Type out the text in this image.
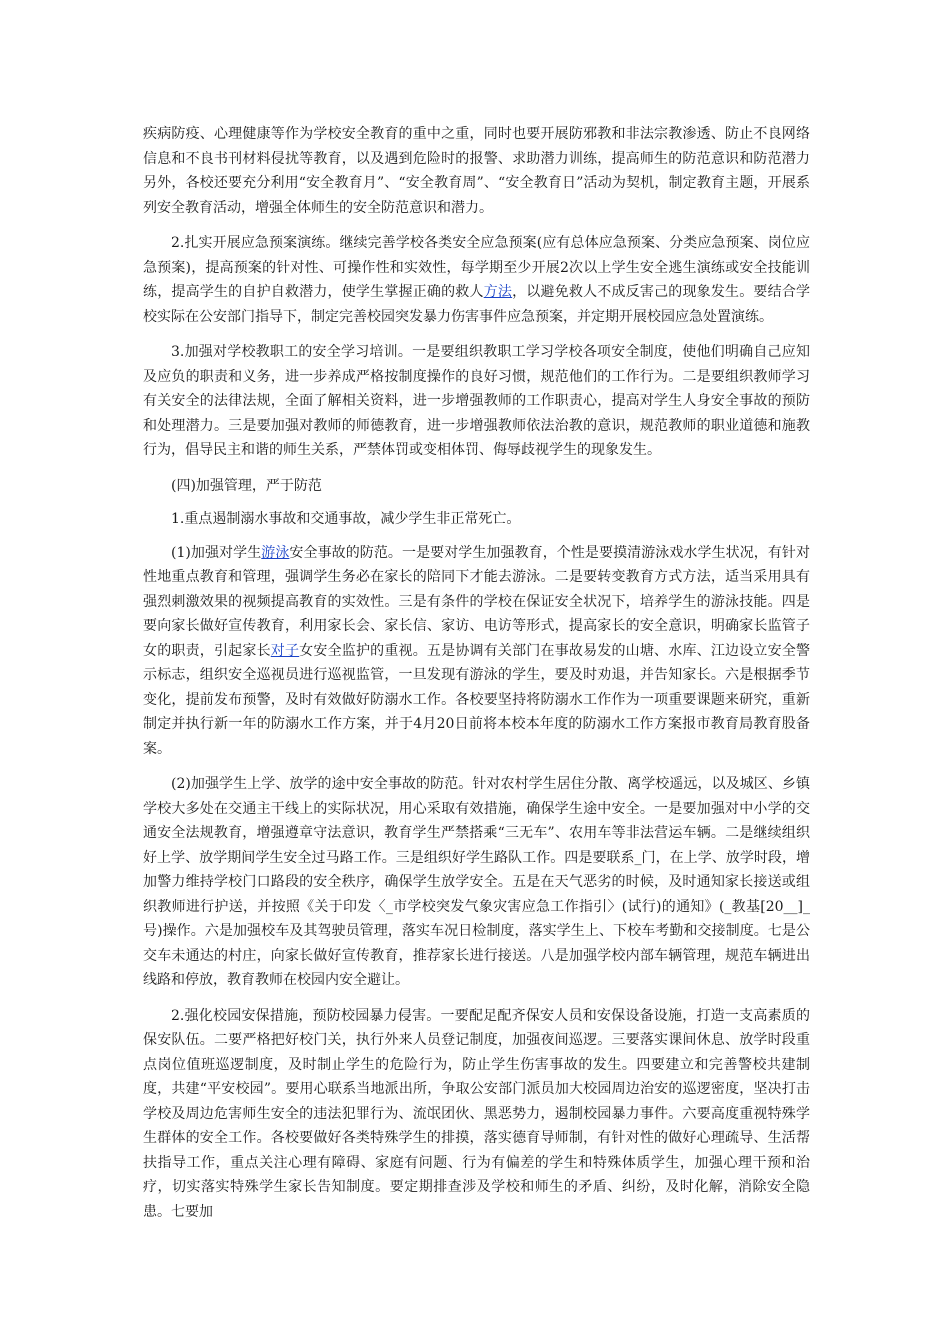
疾病防疫、心理健康等作为学校安全教育的重中之重，同时也要开展防邪教和非法宗教渗透、防止不良网络信息和不良书刊材料侵扰等教育，以及遇到危险时的报警、求助潜力训练，提高师生的防范意识和防范潜力另外，各校还要充分利用“安全教育月”、“安全教育周”、“安全教育日”活动为契机，制定教育主题，开展系列安全教育活动，增强全体师生的安全防范意识和潜力。

2.扎实开展应急预案演练。继续完善学校各类安全应急预案(应有总体应急预案、分类应急预案、岗位应急预案)，提高预案的针对性、可操作性和实效性，每学期至少开展2次以上学生安全逃生演练或安全技能训练，提高学生的自护自救潜力，使学生掌握正确的救人方法，以避免救人不成反害己的现象发生。要结合学校实际在公安部门指导下，制定完善校园突发暴力伤害事件应急预案，并定期开展校园应急处置演练。

3.加强对学校教职工的安全学习培训。一是要组织教职工学习学校各项安全制度，使他们明确自己应知及应负的职责和义务，进一步养成严格按制度操作的良好习惯，规范他们的工作行为。二是要组织教师学习有关安全的法律法规，全面了解相关资料，进一步增强教师的工作职责心，提高对学生人身安全事故的预防和处理潜力。三是要加强对教师的师德教育，进一步增强教师依法治教的意识，规范教师的职业道德和施教行为，倡导民主和谐的师生关系，严禁体罚或变相体罚、侮辱歧视学生的现象发生。

(四)加强管理，严于防范

1.重点遏制溺水事故和交通事故，减少学生非正常死亡。

(1)加强对学生游泳安全事故的防范。一是要对学生加强教育，个性是要摸清游泳戏水学生状况，有针对性地重点教育和管理，强调学生务必在家长的陪同下才能去游泳。二是要转变教育方式方法，适当采用具有强烈刺激效果的视频提高教育的实效性。三是有条件的学校在保证安全状况下，培养学生的游泳技能。四是要向家长做好宣传教育，利用家长会、家长信、家访、电访等形式，提高家长的安全意识，明确家长监管子女的职责，引起家长对子女安全监护的重视。五是协调有关部门在事故易发的山塘、水库、江边设立安全警示标志，组织安全巡视员进行巡视监管，一旦发现有游泳的学生，要及时劝退，并告知家长。六是根据季节变化，提前发布预警，及时有效做好防溺水工作。各校要坚持将防溺水工作作为一项重要课题来研究，重新制定并执行新一年的防溺水工作方案，并于4月20日前将本校本年度的防溺水工作方案报市教育局教育股备案。

(2)加强学生上学、放学的途中安全事故的防范。针对农村学生居住分散、离学校遥远，以及城区、乡镇学校大多处在交通主干线上的实际状况，用心采取有效措施，确保学生途中安全。一是要加强对中小学的交通安全法规教育，增强遵章守法意识，教育学生严禁搭乘“三无车”、农用车等非法营运车辆。二是继续组织好上学、放学期间学生安全过马路工作。三是组织好学生路队工作。四是要联系_门，在上学、放学时段，增加警力维持学校门口路段的安全秩序，确保学生放学安全。五是在天气恶劣的时候，及时通知家长接送或组织教师进行护送，并按照《关于印发〈_市学校突发气象灾害应急工作指引〉(试行)的通知》(_教基[20__]_号)操作。六是加强校车及其驾驶员管理，落实车况日检制度，落实学生上、下校车考勤和交接制度。七是公交车未通达的村庄，向家长做好宣传教育，推荐家长进行接送。八是加强学校内部车辆管理，规范车辆进出线路和停放，教育教师在校园内安全避让。

2.强化校园安保措施，预防校园暴力侵害。一要配足配齐保安人员和安保设备设施，打造一支高素质的保安队伍。二要严格把好校门关，执行外来人员登记制度，加强夜间巡逻。三要落实课间休息、放学时段重点岗位值班巡逻制度，及时制止学生的危险行为，防止学生伤害事故的发生。四要建立和完善警校共建制度，共建“平安校园”。要用心联系当地派出所，争取公安部门派员加大校园周边治安的巡逻密度，坚决打击学校及周边危害师生安全的违法犯罪行为、流氓团伙、黑恶势力，遏制校园暴力事件。六要高度重视特殊学生群体的安全工作。各校要做好各类特殊学生的排摸，落实德育导师制，有针对性的做好心理疏导、生活帮扶指导工作，重点关注心理有障碍、家庭有问题、行为有偏差的学生和特殊体质学生，加强心理干预和治疗，切实落实特殊学生家长告知制度。要定期排查涉及学校和师生的矛盾、纠纷，及时化解，消除安全隐患。七要加
